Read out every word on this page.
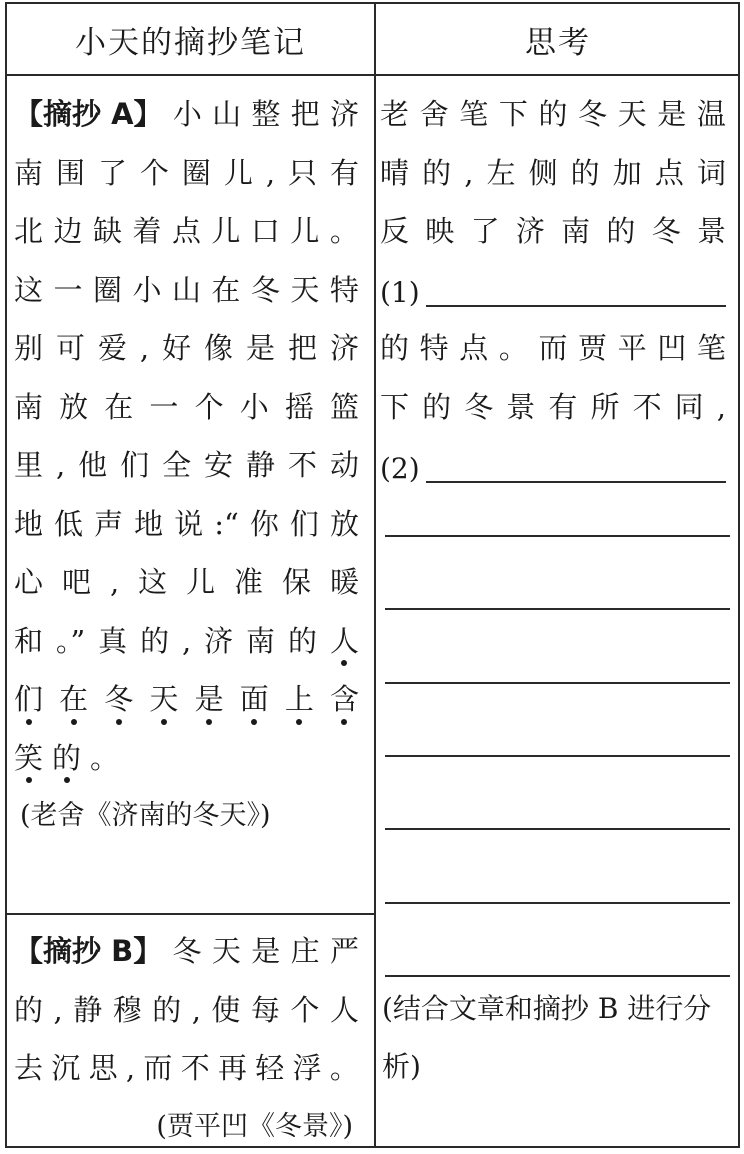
小天的摘抄笔记	思考
【摘抄 A】 小 山 整 把 济
南 围 了 个 圈 儿 , 只 有
北 边 缺 着 点 儿 口 儿 。
这 一 圈 小 山 在 冬 天 特
别 可 爱 , 好 像 是 把 济
南 放 在 一 个 小 摇 篮
里 , 他 们 全 安 静 不 动
地 低 声 地 说 :“ 你 们 放
心 吧 , 这 儿 准 保 暖
和 。” 真 的 , 济 南 的 人
们 在 冬 天 是 面 上 含
笑 的 。
(老舍《济南的冬天》)
【摘抄 B】 冬 天 是 庄 严
的 , 静 穆 的 , 使 每 个 人
去 沉 思 , 而 不 再 轻 浮 。
(贾平凹《冬景》)
老 舍 笔 下 的 冬 天 是 温
晴 的 , 左 侧 的 加 点 词
反 映 了 济 南 的 冬 景
(1)
的 特 点 。 而 贾 平 凹 笔
下 的 冬 景 有 所 不 同 ,
(2)
(结合文章和摘抄 B 进行分析)
